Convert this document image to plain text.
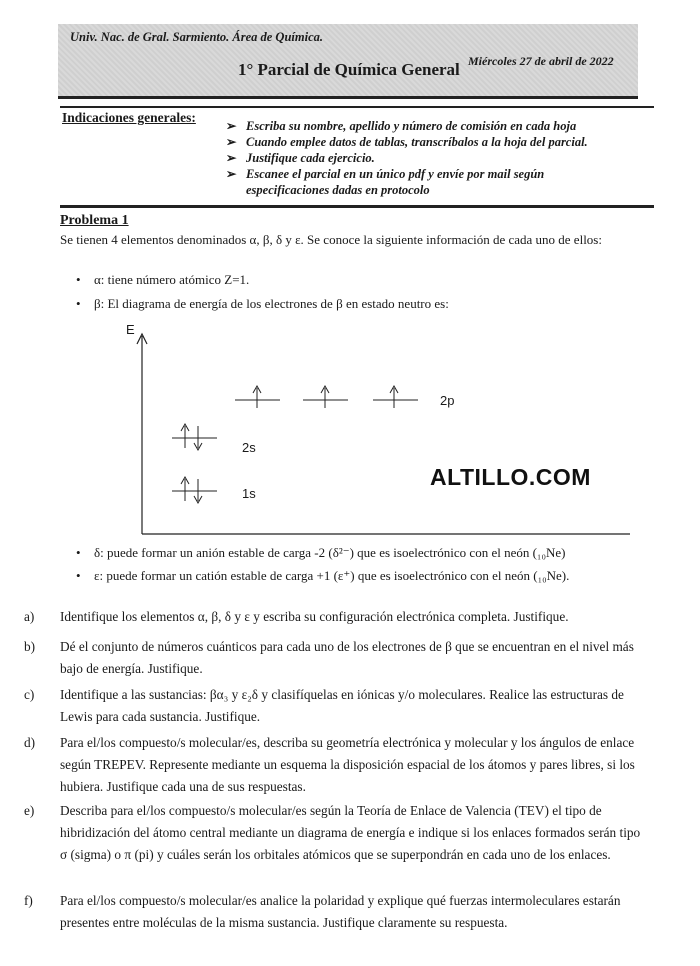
Univ. Nac. de Gral. Sarmiento. Área de Química.
Miércoles 27 de abril de 2022
1° Parcial de Química General
Indicaciones generales:
➢ Escriba su nombre, apellido y número de comisión en cada hoja
➢ Cuando emplee datos de tablas, transcríbalos a la hoja del parcial.
➢ Justifique cada ejercicio.
➢ Escanee el parcial en un único pdf y envíe por mail según
especificaciones dadas en protocolo
Problema 1
Se tienen 4 elementos denominados α, β, δ y ε. Se conoce la siguiente información de cada uno de ellos:
• α: tiene número atómico Z=1.
• β: El diagrama de energía de los electrones de β en estado neutro es:
E
2p
2s
1s
ALTILLO.COM
• δ: puede formar un anión estable de carga -2 (δ²⁻) que es isoelectrónico con el neón (₁₀Ne)
• ε: puede formar un catión estable de carga +1 (ε⁺) que es isoelectrónico con el neón (₁₀Ne).
a) Identifique los elementos α, β, δ y ε y escriba su configuración electrónica completa. Justifique.
b) Dé el conjunto de números cuánticos para cada uno de los electrones de β que se encuentran en el nivel más bajo de energía. Justifique.
c) Identifique a las sustancias: βα₃ y ε₂δ y clasifíquelas en iónicas y/o moleculares. Realice las estructuras de Lewis para cada sustancia. Justifique.
d) Para el/los compuesto/s molecular/es, describa su geometría electrónica y molecular y los ángulos de enlace según TREPEV. Represente mediante un esquema la disposición espacial de los átomos y pares libres, si los hubiera. Justifique cada una de sus respuestas.
e) Describa para el/los compuesto/s molecular/es según la Teoría de Enlace de Valencia (TEV) el tipo de hibridización del átomo central mediante un diagrama de energía e indique si los enlaces formados serán tipo σ (sigma) o π (pi) y cuáles serán los orbitales atómicos que se superpondrán en cada uno de los enlaces.
f) Para el/los compuesto/s molecular/es analice la polaridad y explique qué fuerzas intermoleculares estarán presentes entre moléculas de la misma sustancia. Justifique claramente su respuesta.
